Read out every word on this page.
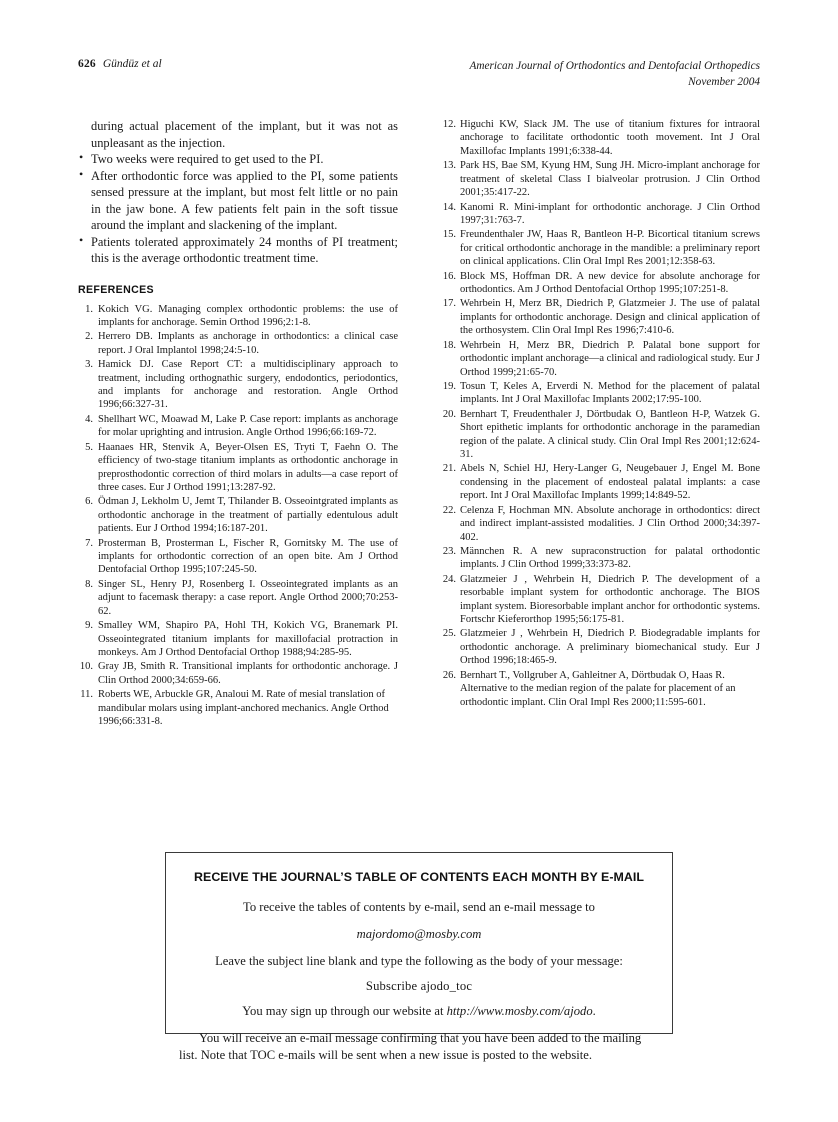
626 Gündüz et al	American Journal of Orthodontics and Dentofacial Orthopedics
November 2004

during actual placement of the implant, but it was not as unpleasant as the injection.

• Two weeks were required to get used to the PI.
• After orthodontic force was applied to the PI, some patients sensed pressure at the implant, but most felt little or no pain in the jaw bone. A few patients felt pain in the soft tissue around the implant and slackening of the implant.
• Patients tolerated approximately 24 months of PI treatment; this is the average orthodontic treatment time.
REFERENCES
1. Kokich VG. Managing complex orthodontic problems: the use of implants for anchorage. Semin Orthod 1996;2:1-8.
2. Herrero DB. Implants as anchorage in orthodontics: a clinical case report. J Oral Implantol 1998;24:5-10.
3. Hamick DJ. Case Report CT: a multidisciplinary approach to treatment, including orthognathic surgery, endodontics, periodontics, and implants for anchorage and restoration. Angle Orthod 1996;66:327-31.
4. Shellhart WC, Moawad M, Lake P. Case report: implants as anchorage for molar uprighting and intrusion. Angle Orthod 1996;66:169-72.
5. Haanaes HR, Stenvik A, Beyer-Olsen ES, Tryti T, Faehn O. The efficiency of two-stage titanium implants as orthodontic anchorage in preprosthodontic correction of third molars in adults—a case report of three cases. Eur J Orthod 1991;13:287-92.
6. Ödman J, Lekholm U, Jemt T, Thilander B. Osseointgrated implants as orthodontic anchorage in the treatment of partially edentulous adult patients. Eur J Orthod 1994;16:187-201.
7. Prosterman B, Prosterman L, Fischer R, Gornitsky M. The use of implants for orthodontic correction of an open bite. Am J Orthod Dentofacial Orthop 1995;107:245-50.
8. Singer SL, Henry PJ, Rosenberg I. Osseointegrated implants as an adjunt to facemask therapy: a case report. Angle Orthod 2000;70:253-62.
9. Smalley WM, Shapiro PA, Hohl TH, Kokich VG, Branemark PI. Osseointegrated titanium implants for maxillofacial protraction in monkeys. Am J Orthod Dentofacial Orthop 1988;94:285-95.
10. Gray JB, Smith R. Transitional implants for orthodontic anchorage. J Clin Orthod 2000;34:659-66.
11. Roberts WE, Arbuckle GR, Analoui M. Rate of mesial translation of mandibular molars using implant-anchored mechanics. Angle Orthod 1996;66:331-8.
12. Higuchi KW, Slack JM. The use of titanium fixtures for intraoral anchorage to facilitate orthodontic tooth movement. Int J Oral Maxillofac Implants 1991;6:338-44.
13. Park HS, Bae SM, Kyung HM, Sung JH. Micro-implant anchorage for treatment of skeletal Class I bialveolar protrusion. J Clin Orthod 2001;35:417-22.
14. Kanomi R. Mini-implant for orthodontic anchorage. J Clin Orthod 1997;31:763-7.
15. Freundenthaler JW, Haas R, Bantleon H-P. Bicortical titanium screws for critical orthodontic anchorage in the mandible: a preliminary report on clinical applications. Clin Oral Impl Res 2001;12:358-63.
16. Block MS, Hoffman DR. A new device for absolute anchorage for orthodontics. Am J Orthod Dentofacial Orthop 1995;107:251-8.
17. Wehrbein H, Merz BR, Diedrich P, Glatzmeier J. The use of palatal implants for orthodontic anchorage. Design and clinical application of the orthosystem. Clin Oral Impl Res 1996;7:410-6.
18. Wehrbein H, Merz BR, Diedrich P. Palatal bone support for orthodontic implant anchorage—a clinical and radiological study. Eur J Orthod 1999;21:65-70.
19. Tosun T, Keles A, Erverdi N. Method for the placement of palatal implants. Int J Oral Maxillofac Implants 2002;17:95-100.
20. Bernhart T, Freudenthaler J, Dörtbudak O, Bantleon H-P, Watzek G. Short epithetic implants for orthodontic anchorage in the paramedian region of the palate. A clinical study. Clin Oral Impl Res 2001;12:624-31.
21. Abels N, Schiel HJ, Hery-Langer G, Neugebauer J, Engel M. Bone condensing in the placement of endosteal palatal implants: a case report. Int J Oral Maxillofac Implants 1999;14:849-52.
22. Celenza F, Hochman MN. Absolute anchorage in orthodontics: direct and indirect implant-assisted modalities. J Clin Orthod 2000;34:397-402.
23. Männchen R. A new supraconstruction for palatal orthodontic implants. J Clin Orthod 1999;33:373-82.
24. Glatzmeier J , Wehrbein H, Diedrich P. The development of a resorbable implant system for orthodontic anchorage. The BIOS implant system. Bioresorbable implant anchor for orthodontic systems. Fortschr Kieferorthop 1995;56:175-81.
25. Glatzmeier J , Wehrbein H, Diedrich P. Biodegradable implants for orthodontic anchorage. A preliminary biomechanical study. Eur J Orthod 1996;18:465-9.
26. Bernhart T., Vollgruber A, Gahleitner A, Dörtbudak O, Haas R. Alternative to the median region of the palate for placement of an orthodontic implant. Clin Oral Impl Res 2000;11:595-601.
RECEIVE THE JOURNAL’S TABLE OF CONTENTS EACH MONTH BY E-MAIL
To receive the tables of contents by e-mail, send an e-mail message to
majordomo@mosby.com
Leave the subject line blank and type the following as the body of your message:
Subscribe ajodo_toc
You may sign up through our website at http://www.mosby.com/ajodo.
You will receive an e-mail message confirming that you have been added to the mailing list. Note that TOC e-mails will be sent when a new issue is posted to the website.
